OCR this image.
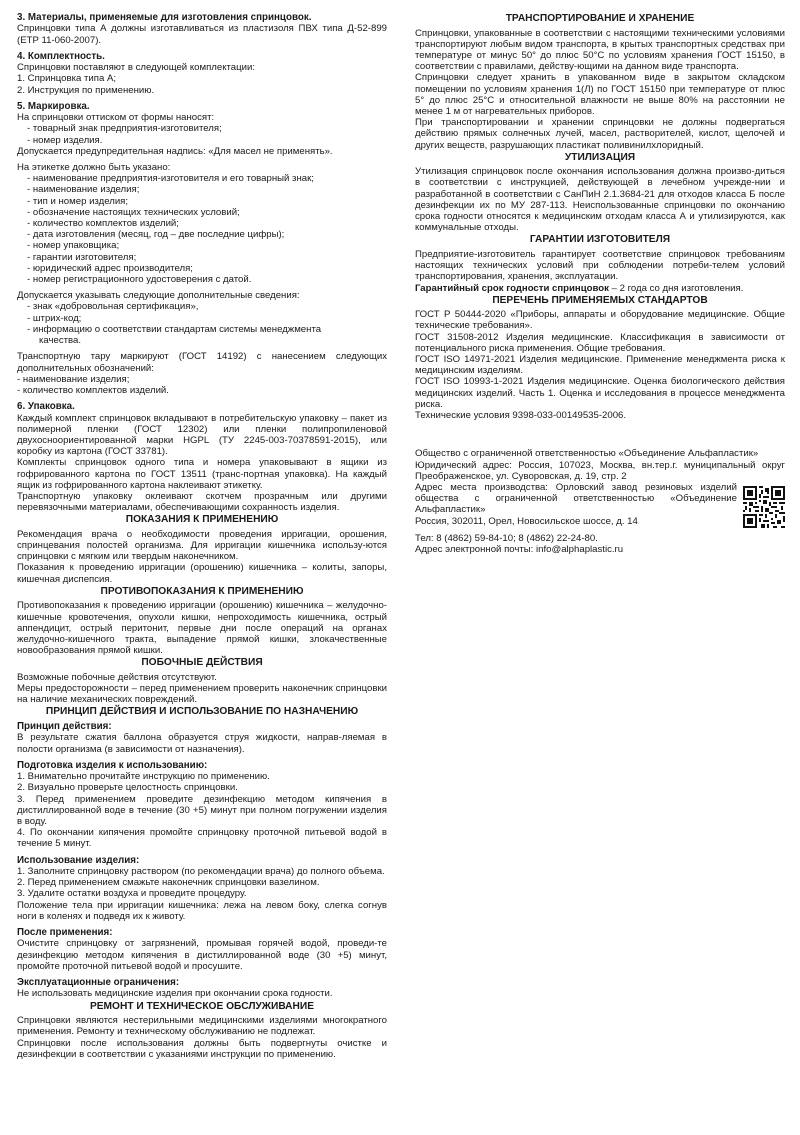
3. Материалы, применяемые для изготовления спринцовок.

Спринцовки типа А должны изготавливаться из пластизоля ПВХ типа Д-52-899 (ЕТР 11-060-2007).

4. Комплектность.
Спринцовки поставляют в следующей комплектации:
1. Спринцовка типа А;
2. Инструкция по применению.
5. Маркировка.
На спринцовки оттиском от формы наносят:
- товарный знак предприятия-изготовителя;
- номер изделия.
Допускается предупредительная надпись: «Для масел не применять».
На этикетке должно быть указано:
- наименование предприятия-изготовителя и его товарный знак;
- наименование изделия;
- тип и номер изделия;
- обозначение настоящих технических условий;
- количество комплектов изделий;
- дата изготовления (месяц, год – две последние цифры);
- номер упаковщика;
- гарантии изготовителя;
- юридический адрес производителя;
- номер регистрационного удостоверения с датой.
Допускается указывать следующие дополнительные сведения:
- знак «добровольная сертификация»,
- штрих-код;
- информацию о соответствии стандартам системы менеджмента
качества.

Транспортную тару маркируют (ГОСТ 14192) с нанесением следующих дополнительных обозначений:

- наименование изделия;
- количество комплектов изделий.
6. Упаковка.

Каждый комплект спринцовок вкладывают в потребительскую упаковку – пакет из полимерной пленки (ГОСТ 12302) или пленки полипропиленовой двухосноориентированной марки HGPL (ТУ 2245-003-70378591-2015), или коробку из картона (ГОСТ 33781).

Комплекты спринцовок одного типа и номера упаковывают в ящики из гофрированного картона по ГОСТ 13511 (транс-портная упаковка). На каждый ящик из гофрированного картона наклеивают этикетку.

Транспортную упаковку оклеивают скотчем прозрачным или другими перевязочными материалами, обеспечивающими сохранность изделия.

ПОКАЗАНИЯ К ПРИМЕНЕНИЮ

Рекомендация врача о необходимости проведения ирригации, орошения, спринцевания полостей организма. Для ирригации кишечника использу-ются спринцовки с мягким или твердым наконечником.

Показания к проведению ирригации (орошению) кишечника – колиты, запоры, кишечная диспепсия.

ПРОТИВОПОКАЗАНИЯ К ПРИМЕНЕНИЮ

Противопоказания к проведению ирригации (орошению) кишечника – желудочно-кишечные кровотечения, опухоли кишки, непроходимость кишечника, острый аппендицит, острый перитонит, первые дни после операций на органах желудочно-кишечного тракта, выпадение прямой кишки, злокачественные новообразования прямой кишки.

ПОБОЧНЫЕ ДЕЙСТВИЯ

Возможные побочные действия отсутствуют.

Меры предосторожности – перед применением проверить наконечник спринцовки на наличие механических повреждений.

ПРИНЦИП ДЕЙСТВИЯ И ИСПОЛЬЗОВАНИЕ ПО НАЗНАЧЕНИЮ
Принцип действия:

В результате сжатия баллона образуется струя жидкости, направ-ляемая в полости организма (в зависимости от назначения).

Подготовка изделия к использованию:

1. Внимательно прочитайте инструкцию по применению.

2. Визуально проверьте целостность спринцовки.

3. Перед применением проведите дезинфекцию методом кипячения в дистиллированной воде в течение (30 +5) минут при полном погружении изделия в воду.

4. По окончании кипячения промойте спринцовку проточной питьевой водой в течение 5 минут.

Использование изделия:

1. Заполните спринцовку раствором (по рекомендации врача) до полного объема.

2. Перед применением смажьте наконечник спринцовки вазелином.

3. Удалите остатки воздуха и проведите процедуру.

Положение тела при ирригации кишечника: лежа на левом боку, слегка согнув ноги в коленях и подведя их к животу.

После применения:

Очистите спринцовку от загрязнений, промывая горячей водой, проведи-те дезинфекцию методом кипячения в дистиллированной воде (30 +5) минут, промойте проточной питьевой водой и просушите.

Эксплуатационные ограничения:

Не использовать медицинские изделия при окончании срока годности.

РЕМОНТ И ТЕХНИЧЕСКОЕ ОБСЛУЖИВАНИЕ

Спринцовки являются нестерильными медицинскими изделиями многократного применения. Ремонту и техническому обслуживанию не подлежат.

Спринцовки после использования должны быть подвергнуты очистке и дезинфекции в соответствии с указаниями инструкции по применению.

ТРАНСПОРТИРОВАНИЕ И ХРАНЕНИЕ

Спринцовки, упакованные в соответствии с настоящими техническими условиями транспортируют любым видом транспорта, в крытых транспортных средствах при температуре от минус 50° до плюс 50°С по условиям хранения ГОСТ 15150, в соответствии с правилами, действу-ющими на данном виде транспорта.

Спринцовки следует хранить в упакованном виде в закрытом складском помещении по условиям хранения 1(Л) по ГОСТ 15150 при температуре от плюс 5° до плюс 25°С и относительной влажности не выше 80% на расстоянии не менее 1 м от нагревательных приборов.

При транспортировании и хранении спринцовки не должны подвергаться действию прямых солнечных лучей, масел, растворителей, кислот, щелочей и других веществ, разрушающих пластикат поливинилхлоридный.

УТИЛИЗАЦИЯ

Утилизация спринцовок после окончания использования должна произво-диться в соответствии с инструкцией, действующей в лечебном учрежде-нии и разработанной в соответствии с СанПиН 2.1.3684-21 для отходов класса Б после дезинфекции их по МУ 287-113. Неиспользованные спринцовки по окончанию срока годности относятся к медицинским отходам класса А и утилизируются, как коммунальные отходы.

ГАРАНТИИ ИЗГОТОВИТЕЛЯ

Предприятие-изготовитель гарантирует соответствие спринцовок требованиям настоящих технических условий при соблюдении потреби-телем условий транспортирования, хранения, эксплуатации.

Гарантийный срок годности спринцовок – 2 года со дня изготовления.

ПЕРЕЧЕНЬ ПРИМЕНЯЕМЫХ СТАНДАРТОВ

ГОСТ Р 50444-2020 «Приборы, аппараты и оборудование медицинские. Общие технические требования».

ГОСТ 31508-2012 Изделия медицинские. Классификация в зависимости от потенциального риска применения. Общие требования.

ГОСТ ISO 14971-2021 Изделия медицинские. Применение менеджмента риска к медицинским изделиям.

ГОСТ ISO 10993-1-2021 Изделия медицинские. Оценка биологического действия медицинских изделий. Часть 1. Оценка и исследования в процессе менеджмента риска.

Технические условия 9398-033-00149535-2006.

Общество с ограниченной ответственностью «Объединение Альфапластик»

Юридический адрес: Россия, 107023, Москва, вн.тер.г. муниципальный округ Преображенское, ул. Суворовская, д. 19, стр. 2

Адрес места производства: Орловский завод резиновых изделий общества с ограниченной ответственностью «Объединение Альфапластик»

Россия, 302011, Орел, Новосильское шоссе, д. 14
Тел: 8 (4862) 59-84-10; 8 (4862) 22-24-80.
Адрес электронной почты: info@alphaplastic.ru
